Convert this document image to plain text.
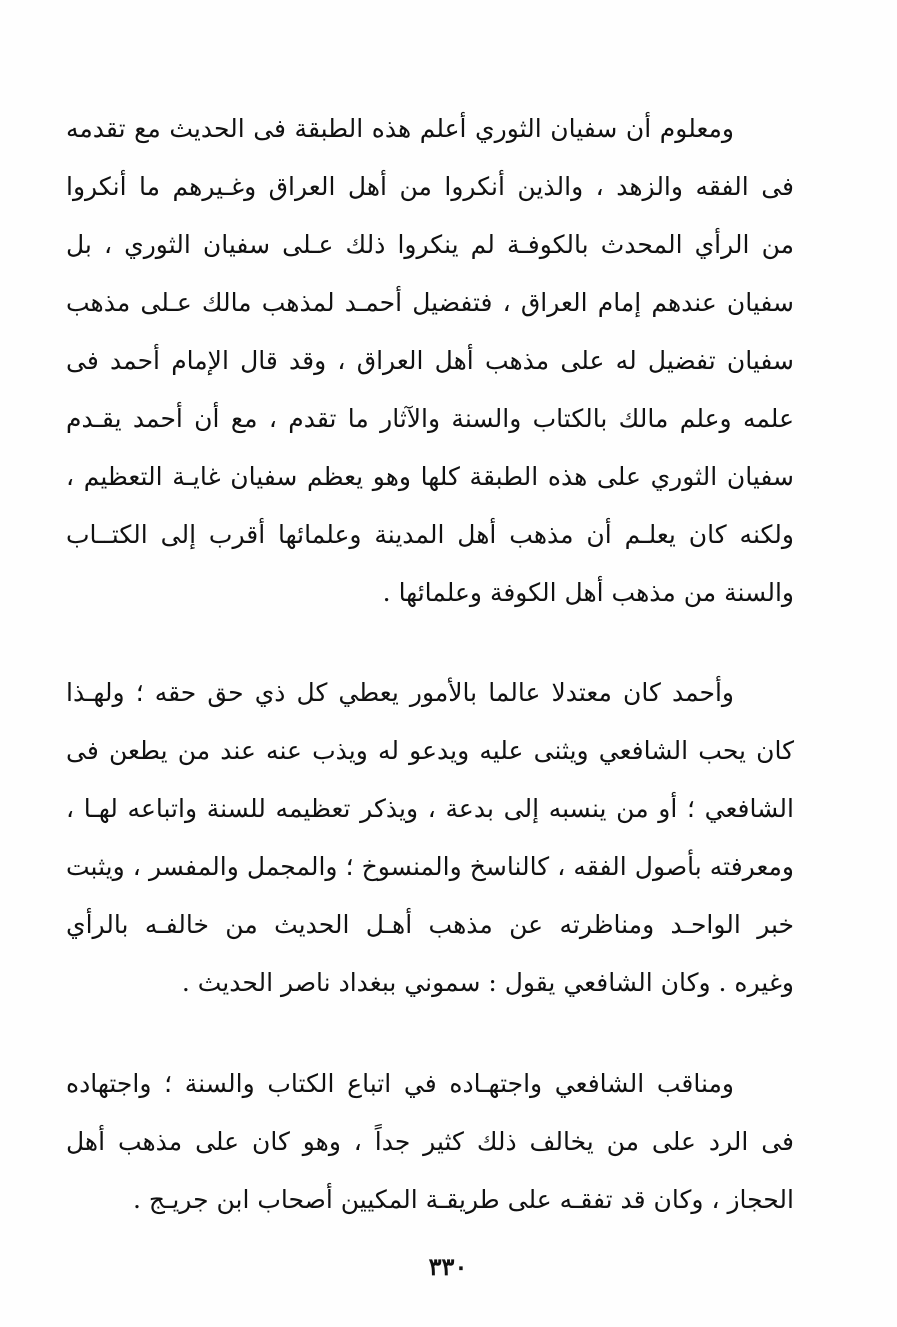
ومعلوم أن سفيان الثوري أعلم هذه الطبقة فى الحديث مع تقدمه
فى الفقه والزهد ، والذين أنكروا من أهل العراق وغـيرهم ما أنكروا
من الرأي المحدث بالكوفـة لم ينكروا ذلك عـلى سفيان الثوري ، بل
سفيان عندهم إمام العراق ، فتفضيل أحمـد لمذهب مالك عـلى مذهب
سفيان تفضيل له على مذهب أهل العراق ، وقد قال الإمام أحمد فى
علمه وعلم مالك بالكتاب والسنة والآثار ما تقدم ، مع أن أحمد يقـدم
سفيان الثوري على هذه الطبقة كلها وهو يعظم سفيان غايـة التعظيم ،
ولكنه كان يعلـم أن مذهب أهل المدينة وعلمائها أقرب إلى الكتــاب
والسنة من مذهب أهل الكوفة وعلمائها .
وأحمد كان معتدلا عالما بالأمور يعطي كل ذي حق حقه ؛ ولهـذا
كان يحب الشافعي ويثنى عليه ويدعو له ويذب عنه عند من يطعن فى
الشافعي ؛ أو من ينسبه إلى بدعة ، ويذكر تعظيمه للسنة واتباعه لهـا ،
ومعرفته بأصول الفقه ، كالناسخ والمنسوخ ؛ والمجمل والمفسر ، ويثبت
خبر الواحـد ومناظرته عن مذهب أهـل الحديث من خالفـه بالرأي
وغيره . وكان الشافعي يقول : سموني ببغداد ناصر الحديث .
ومناقب الشافعي واجتهـاده في اتباع الكتاب والسنة ؛ واجتهاده
فى الرد على من يخالف ذلك كثير جداً ، وهو كان على مذهب أهل
الحجاز ، وكان قد تفقـه على طريقـة المكيين أصحاب ابن جريـج .
٣٣٠
